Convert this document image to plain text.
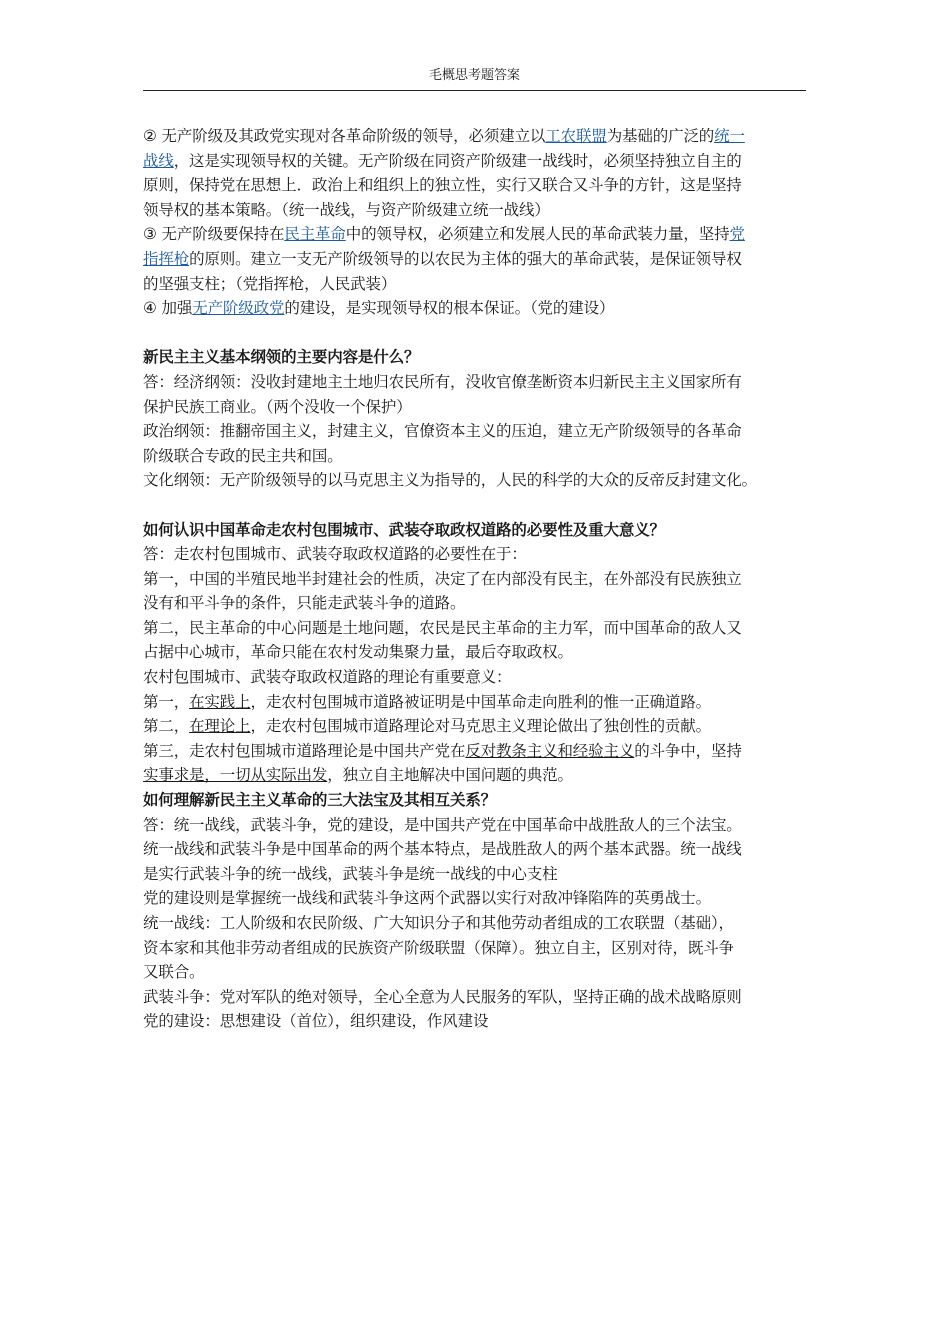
毛概思考题答案
② 无产阶级及其政党实现对各革命阶级的领导，必须建立以工农联盟为基础的广泛的统一
战线，这是实现领导权的关键。无产阶级在同资产阶级建一战线时，必须坚持独立自主的
原则，保持党在思想上．政治上和组织上的独立性，实行又联合又斗争的方针，这是坚持
领导权的基本策略。（统一战线，与资产阶级建立统一战线）
③ 无产阶级要保持在民主革命中的领导权，必须建立和发展人民的革命武装力量，坚持党
指挥枪的原则。建立一支无产阶级领导的以农民为主体的强大的革命武装，是保证领导权
的坚强支柱；（党指挥枪，人民武装）
④ 加强无产阶级政党的建设，是实现领导权的根本保证。（党的建设）
新民主主义基本纲领的主要内容是什么？
答：经济纲领：没收封建地主土地归农民所有，没收官僚垄断资本归新民主主义国家所有
保护民族工商业。（两个没收一个保护）
政治纲领：推翻帝国主义，封建主义，官僚资本主义的压迫，建立无产阶级领导的各革命
阶级联合专政的民主共和国。
文化纲领：无产阶级领导的以马克思主义为指导的，人民的科学的大众的反帝反封建文化。
如何认识中国革命走农村包围城市、武装夺取政权道路的必要性及重大意义？
答：走农村包围城市、武装夺取政权道路的必要性在于：
第一，中国的半殖民地半封建社会的性质，决定了在内部没有民主，在外部没有民族独立
没有和平斗争的条件，只能走武装斗争的道路。
第二，民主革命的中心问题是土地问题，农民是民主革命的主力军，而中国革命的敌人又
占据中心城市，革命只能在农村发动集聚力量，最后夺取政权。
农村包围城市、武装夺取政权道路的理论有重要意义：
第一，在实践上，走农村包围城市道路被证明是中国革命走向胜利的惟一正确道路。
第二，在理论上，走农村包围城市道路理论对马克思主义理论做出了独创性的贡献。
第三，走农村包围城市道路理论是中国共产党在反对教条主义和经验主义的斗争中，坚持
实事求是，一切从实际出发，独立自主地解决中国问题的典范。
如何理解新民主主义革命的三大法宝及其相互关系？
答：统一战线，武装斗争，党的建设，是中国共产党在中国革命中战胜敌人的三个法宝。
统一战线和武装斗争是中国革命的两个基本特点，是战胜敌人的两个基本武器。统一战线
是实行武装斗争的统一战线，武装斗争是统一战线的中心支柱
党的建设则是掌握统一战线和武装斗争这两个武器以实行对敌冲锋陷阵的英勇战士。
统一战线：工人阶级和农民阶级、广大知识分子和其他劳动者组成的工农联盟（基础），
资本家和其他非劳动者组成的民族资产阶级联盟（保障）。独立自主，区别对待，既斗争
又联合。
武装斗争：党对军队的绝对领导，全心全意为人民服务的军队，坚持正确的战术战略原则
党的建设：思想建设（首位），组织建设，作风建设
